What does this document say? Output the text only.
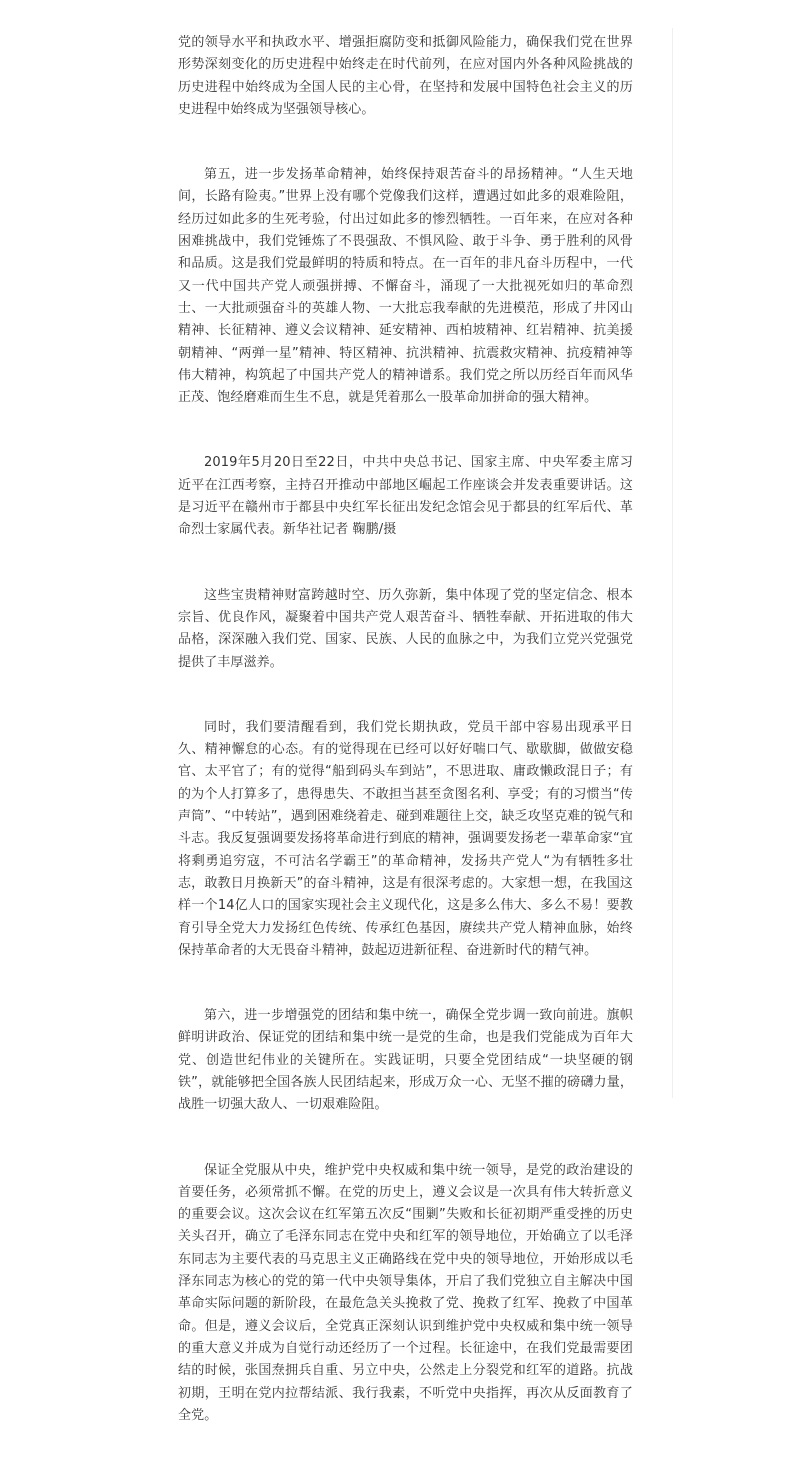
党的领导水平和执政水平、增强拒腐防变和抵御风险能力，确保我们党在世界形势深刻变化的历史进程中始终走在时代前列，在应对国内外各种风险挑战的历史进程中始终成为全国人民的主心骨，在坚持和发展中国特色社会主义的历史进程中始终成为坚强领导核心。

第五，进一步发扬革命精神，始终保持艰苦奋斗的昂扬精神。“人生天地间，长路有险夷。”世界上没有哪个党像我们这样，遭遇过如此多的艰难险阻，经历过如此多的生死考验，付出过如此多的惨烈牺牲。一百年来，在应对各种困难挑战中，我们党锤炼了不畏强敌、不惧风险、敢于斗争、勇于胜利的风骨和品质。这是我们党最鲜明的特质和特点。在一百年的非凡奋斗历程中，一代又一代中国共产党人顽强拼搏、不懈奋斗，涌现了一大批视死如归的革命烈士、一大批顽强奋斗的英雄人物、一大批忘我奉献的先进模范，形成了井冈山精神、长征精神、遵义会议精神、延安精神、西柏坡精神、红岩精神、抗美援朝精神、“两弹一星”精神、特区精神、抗洪精神、抗震救灾精神、抗疫精神等伟大精神，构筑起了中国共产党人的精神谱系。我们党之所以历经百年而风华正茂、饱经磨难而生生不息，就是凭着那么一股革命加拼命的强大精神。

2019年5月20日至22日，中共中央总书记、国家主席、中央军委主席习近平在江西考察，主持召开推动中部地区崛起工作座谈会并发表重要讲话。这是习近平在赣州市于都县中央红军长征出发纪念馆会见于都县的红军后代、革命烈士家属代表。新华社记者 鞠鹏/摄

这些宝贵精神财富跨越时空、历久弥新，集中体现了党的坚定信念、根本宗旨、优良作风，凝聚着中国共产党人艰苦奋斗、牺牲奉献、开拓进取的伟大品格，深深融入我们党、国家、民族、人民的血脉之中，为我们立党兴党强党提供了丰厚滋养。

同时，我们要清醒看到，我们党长期执政，党员干部中容易出现承平日久、精神懈怠的心态。有的觉得现在已经可以好好喘口气、歇歇脚，做做安稳官、太平官了；有的觉得“船到码头车到站”，不思进取、庸政懒政混日子；有的为个人打算多了，患得患失、不敢担当甚至贪图名利、享受；有的习惯当“传声筒”、“中转站”，遇到困难绕着走、碰到难题往上交，缺乏攻坚克难的锐气和斗志。我反复强调要发扬将革命进行到底的精神，强调要发扬老一辈革命家“宜将剩勇追穷寇，不可沽名学霸王”的革命精神，发扬共产党人“为有牺牲多壮志，敢教日月换新天”的奋斗精神，这是有很深考虑的。大家想一想，在我国这样一个14亿人口的国家实现社会主义现代化，这是多么伟大、多么不易！要教育引导全党大力发扬红色传统、传承红色基因，赓续共产党人精神血脉，始终保持革命者的大无畏奋斗精神，鼓起迈进新征程、奋进新时代的精气神。

第六，进一步增强党的团结和集中统一，确保全党步调一致向前进。旗帜鲜明讲政治、保证党的团结和集中统一是党的生命，也是我们党能成为百年大党、创造世纪伟业的关键所在。实践证明，只要全党团结成“一块坚硬的钢铁”，就能够把全国各族人民团结起来，形成万众一心、无坚不摧的磅礴力量，战胜一切强大敌人、一切艰难险阻。

保证全党服从中央，维护党中央权威和集中统一领导，是党的政治建设的首要任务，必须常抓不懈。在党的历史上，遵义会议是一次具有伟大转折意义的重要会议。这次会议在红军第五次反“围剿”失败和长征初期严重受挫的历史关头召开，确立了毛泽东同志在党中央和红军的领导地位，开始确立了以毛泽东同志为主要代表的马克思主义正确路线在党中央的领导地位，开始形成以毛泽东同志为核心的党的第一代中央领导集体，开启了我们党独立自主解决中国革命实际问题的新阶段，在最危急关头挽救了党、挽救了红军、挽救了中国革命。但是，遵义会议后，全党真正深刻认识到维护党中央权威和集中统一领导的重大意义并成为自觉行动还经历了一个过程。长征途中，在我们党最需要团结的时候，张国焘拥兵自重、另立中央，公然走上分裂党和红军的道路。抗战初期，王明在党内拉帮结派、我行我素，不听党中央指挥，再次从反面教育了全党。
